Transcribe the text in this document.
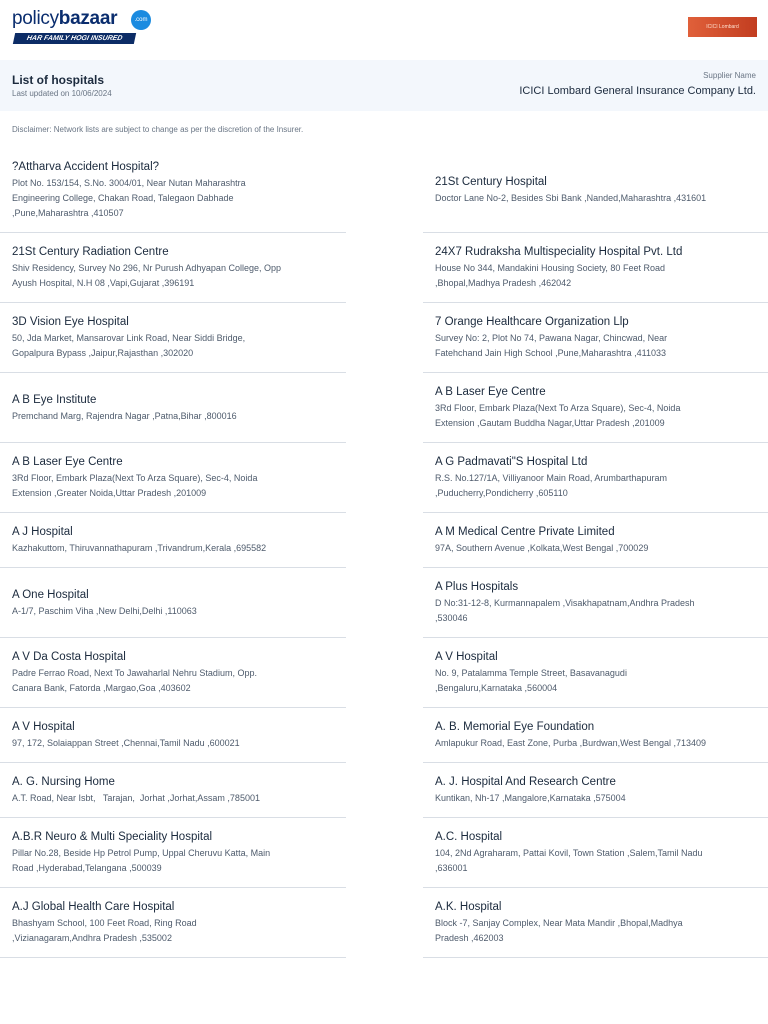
policybazaar	.com
HAR FAMILY HOGI INSURED
ICICI Lombard
List of hospitals
Last updated on 10/06/2024
Supplier Name
ICICI Lombard General Insurance Company Ltd.
Disclaimer: Network lists are subject to change as per the discretion of the Insurer.
?Attharva Accident Hospital?
Plot No. 153/154, S.No. 3004/01, Near Nutan Maharashtra
Engineering College, Chakan Road, Talegaon Dabhade
,Pune,Maharashtra ,410507
21St Century Hospital
Doctor Lane No-2, Besides Sbi Bank ,Nanded,Maharashtra ,431601
21St Century Radiation Centre
Shiv Residency, Survey No 296, Nr Purush Adhyapan College, Opp
Ayush Hospital, N.H 08 ,Vapi,Gujarat ,396191
24X7 Rudraksha Multispeciality Hospital Pvt. Ltd
House No 344, Mandakini Housing Society, 80 Feet Road
,Bhopal,Madhya Pradesh ,462042
3D Vision Eye Hospital
50, Jda Market, Mansarovar Link Road, Near Siddi Bridge,
Gopalpura Bypass ,Jaipur,Rajasthan ,302020
7 Orange Healthcare Organization Llp
Survey No: 2, Plot No 74, Pawana Nagar, Chincwad, Near
Fatehchand Jain High School ,Pune,Maharashtra ,411033
A B Eye Institute
Premchand Marg, Rajendra Nagar ,Patna,Bihar ,800016
A B Laser Eye Centre
3Rd Floor, Embark Plaza(Next To Arza Square), Sec-4, Noida
Extension ,Gautam Buddha Nagar,Uttar Pradesh ,201009
A B Laser Eye Centre
3Rd Floor, Embark Plaza(Next To Arza Square), Sec-4, Noida
Extension ,Greater Noida,Uttar Pradesh ,201009
A G Padmavati"S Hospital Ltd
R.S. No.127/1A, Villiyanoor Main Road, Arumbarthapuram
,Puducherry,Pondicherry ,605110
A J Hospital
Kazhakuttom, Thiruvannathapuram ,Trivandrum,Kerala ,695582
A M Medical Centre Private Limited
97A, Southern Avenue ,Kolkata,West Bengal ,700029
A One Hospital
A-1/7, Paschim Viha ,New Delhi,Delhi ,110063
A Plus Hospitals
D No:31-12-8, Kurmannapalem ,Visakhapatnam,Andhra Pradesh
,530046
A V Da Costa Hospital
Padre Ferrao Road, Next To Jawaharlal Nehru Stadium, Opp.
Canara Bank, Fatorda ,Margao,Goa ,403602
A V Hospital
No. 9, Patalamma Temple Street, Basavanagudi
,Bengaluru,Karnataka ,560004
A V Hospital
97, 172, Solaiappan Street ,Chennai,Tamil Nadu ,600021
A. B. Memorial Eye Foundation
Amlapukur Road, East Zone, Purba ,Burdwan,West Bengal ,713409
A. G. Nursing Home
A.T. Road, Near Isbt,   Tarajan,  Jorhat ,Jorhat,Assam ,785001
A. J. Hospital And Research Centre
Kuntikan, Nh-17 ,Mangalore,Karnataka ,575004
A.B.R Neuro & Multi Speciality Hospital
Pillar No.28, Beside Hp Petrol Pump, Uppal Cheruvu Katta, Main
Road ,Hyderabad,Telangana ,500039
A.C. Hospital
104, 2Nd Agraharam, Pattai Kovil, Town Station ,Salem,Tamil Nadu
,636001
A.J Global Health Care Hospital
Bhashyam School, 100 Feet Road, Ring Road
,Vizianagaram,Andhra Pradesh ,535002
A.K. Hospital
Block -7, Sanjay Complex, Near Mata Mandir ,Bhopal,Madhya
Pradesh ,462003
